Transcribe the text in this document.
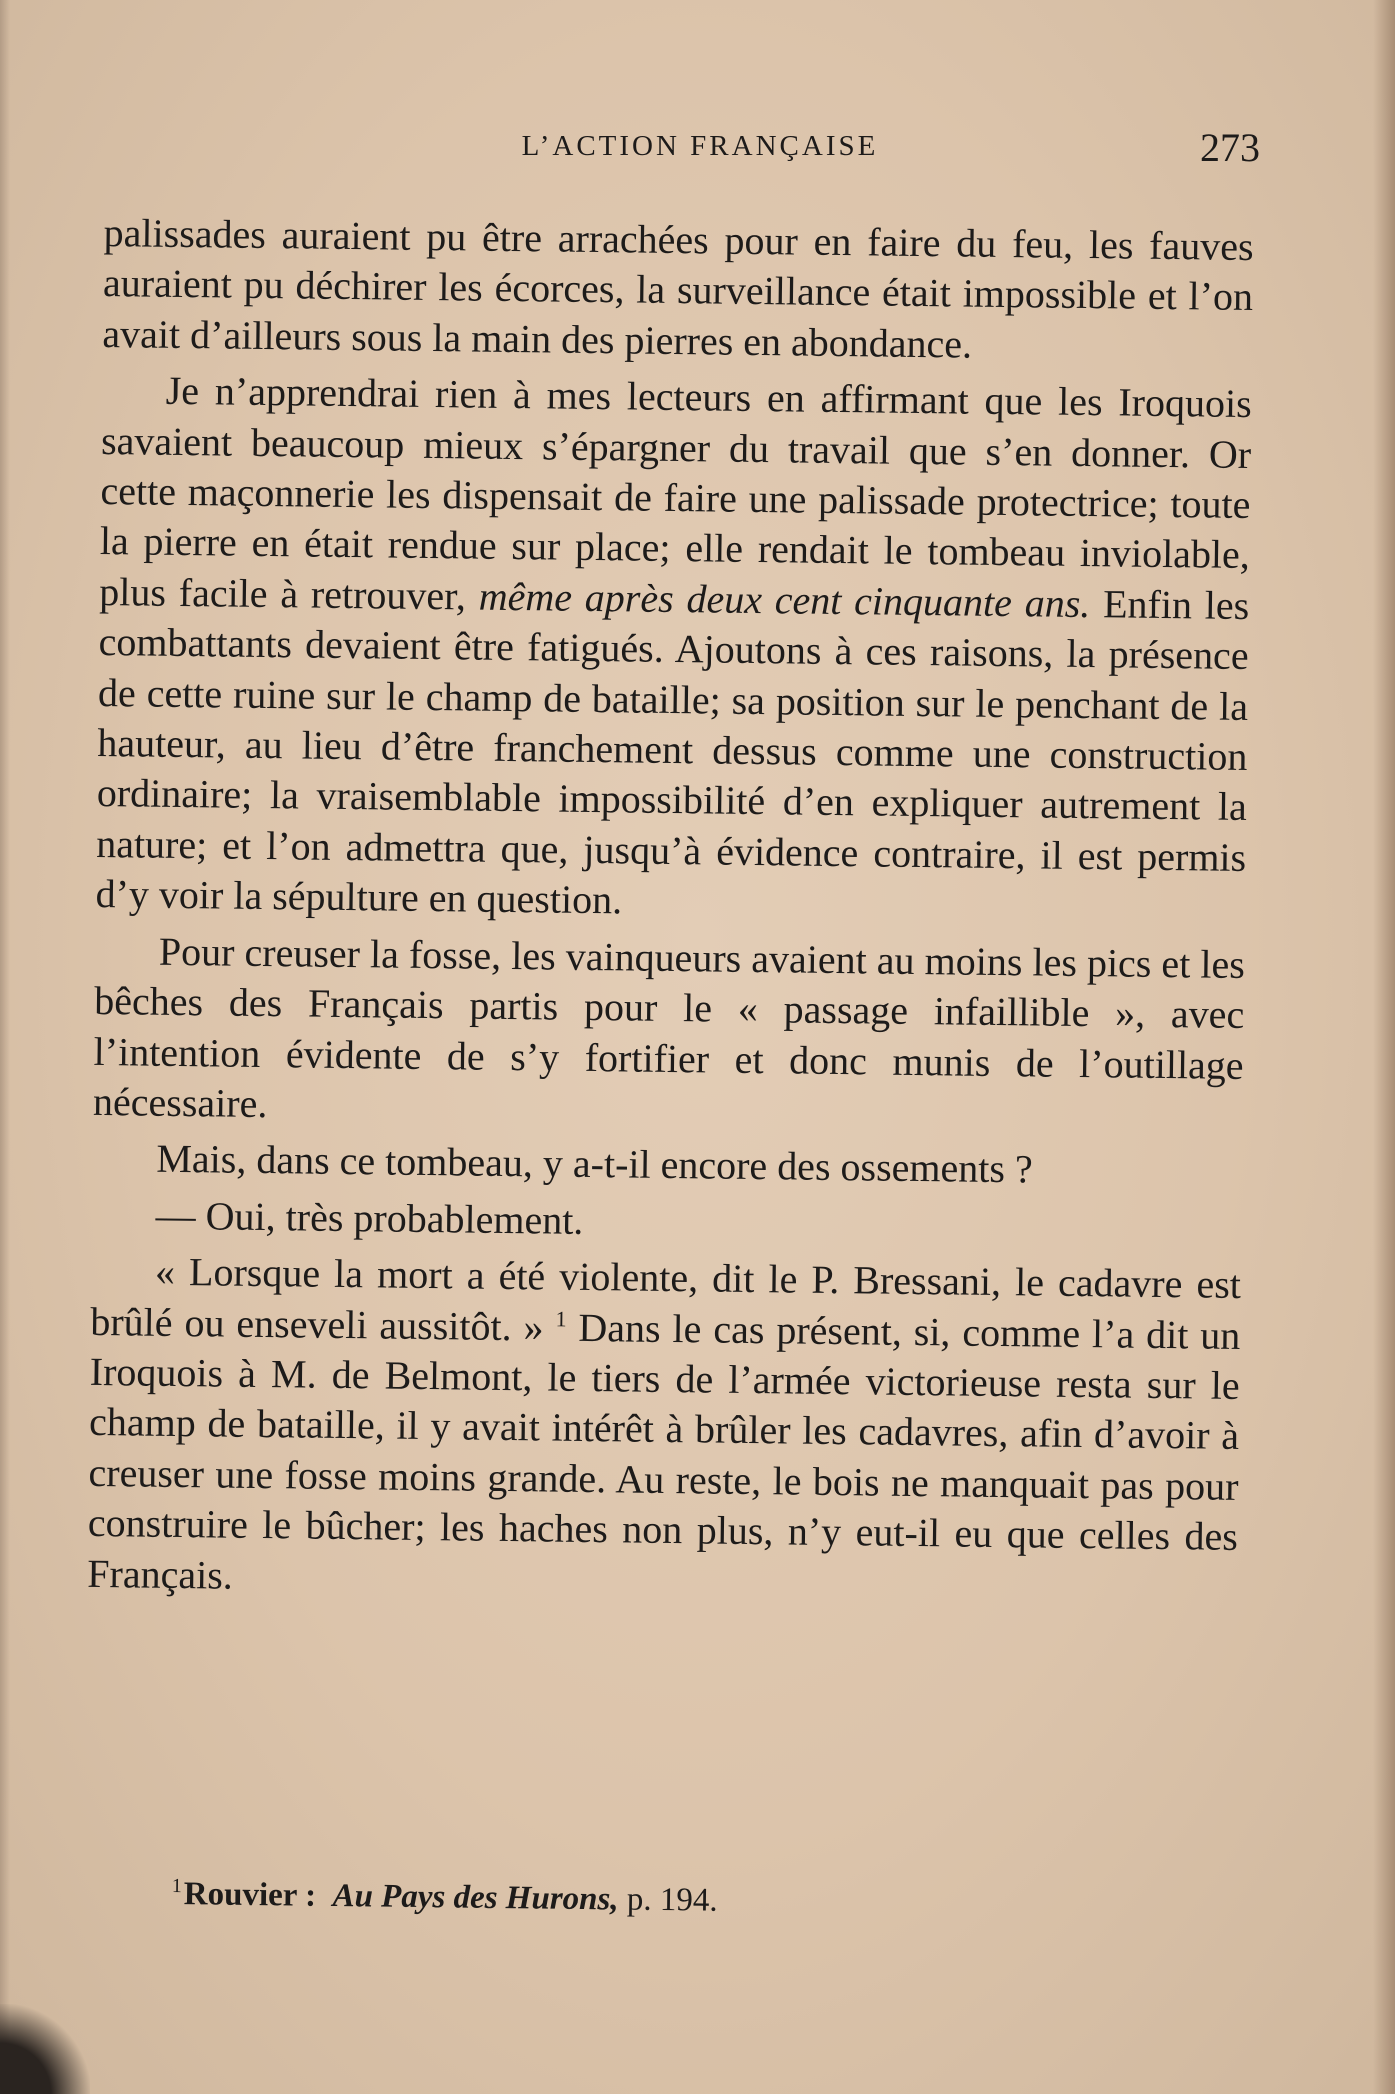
L’ACTION FRANÇAISE	273

palissades auraient pu être arrachées pour en faire du feu, les fauves auraient pu déchirer les écorces, la surveillance était impossible et l’on avait d’ailleurs sous la main des pierres en abondance.

Je n’apprendrai rien à mes lecteurs en affirmant que les Iroquois savaient beaucoup mieux s’épargner du travail que s’en donner. Or cette maçonnerie les dispensait de faire une palissade protectrice; toute la pierre en était rendue sur place; elle rendait le tombeau inviolable, plus facile à retrouver, même après deux cent cinquante ans. Enfin les combattants devaient être fatigués. Ajoutons à ces raisons, la présence de cette ruine sur le champ de bataille; sa position sur le penchant de la hauteur, au lieu d’être franchement dessus comme une construction ordinaire; la vraisemblable impossibilité d’en expliquer autrement la nature; et l’on admettra que, jusqu’à évidence contraire, il est permis d’y voir la sépulture en question.

Pour creuser la fosse, les vainqueurs avaient au moins les pics et les bêches des Français partis pour le « passage infaillible », avec l’intention évidente de s’y fortifier et donc munis de l’outillage nécessaire.

Mais, dans ce tombeau, y a-t-il encore des ossements ?

— Oui, très probablement.

« Lorsque la mort a été violente, dit le P. Bressani, le cadavre est brûlé ou enseveli aussitôt. » $^1$ Dans le cas présent, si, comme l’a dit un Iroquois à M. de Belmont, le tiers de l’armée victorieuse resta sur le champ de bataille, il y avait intérêt à brûler les cadavres, afin d’avoir à creuser une fosse moins grande. Au reste, le bois ne manquait pas pour construire le bûcher; les haches non plus, n’y eut-il eu que celles des Français.

$^1$Rouvier : Au Pays des Hurons, p. 194.
